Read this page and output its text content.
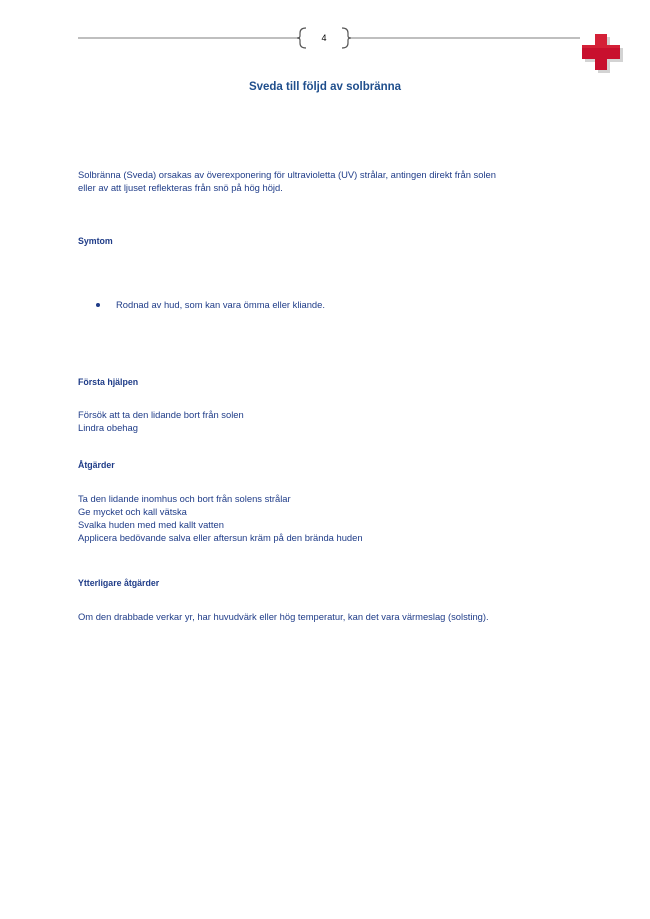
4
Sveda till följd av solbränna
Solbränna (Sveda) orsakas av överexponering för ultravioletta (UV) strålar, antingen direkt från solen
eller av att ljuset reflekteras från snö på hög höjd.
Symtom
Rodnad av hud, som kan vara ömma eller kliande.
Första hjälpen
Försök att ta den lidande bort från solen
Lindra obehag
Åtgärder
Ta den lidande inomhus och bort från solens strålar
Ge mycket och kall vätska
Svalka huden med med kallt vatten
Applicera bedövande salva eller aftersun kräm på den brända huden
Ytterligare åtgärder
Om den drabbade verkar yr, har huvudvärk eller hög temperatur, kan det vara värmeslag (solsting).
